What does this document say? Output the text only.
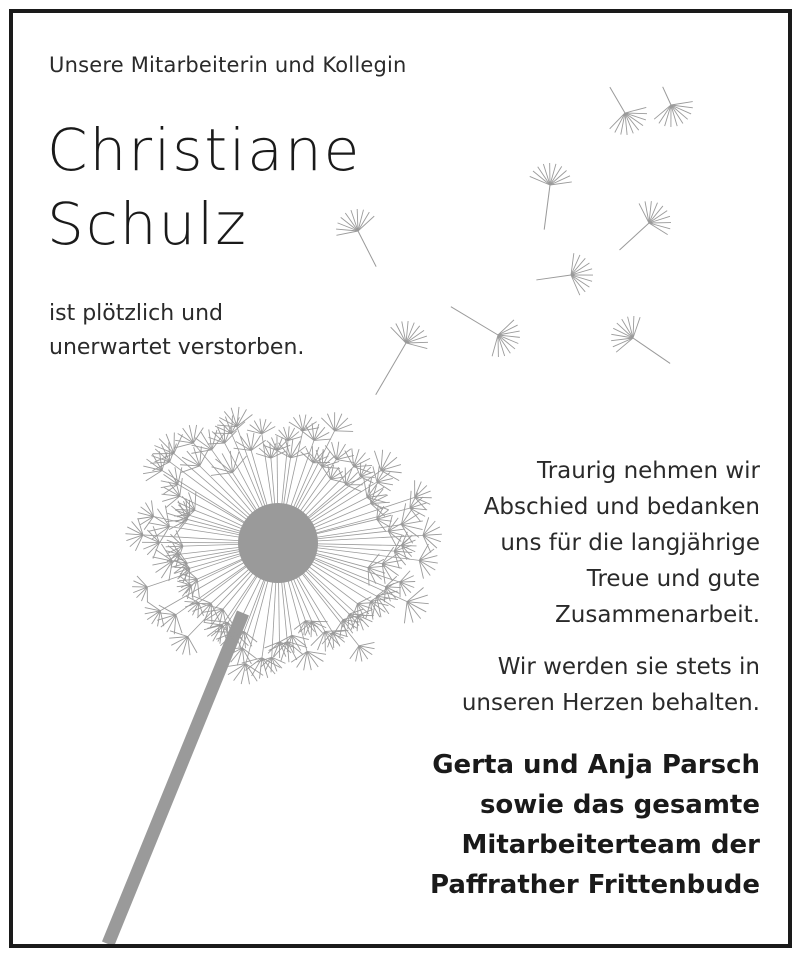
Unsere Mitarbeiterin und Kollegin
Christiane
Schulz
ist plötzlich und
unerwartet verstorben.
Traurig nehmen wir
Abschied und bedanken
uns für die langjährige
Treue und gute
Zusammenarbeit.
Wir werden sie stets in
unseren Herzen behalten.
Gerta und Anja Parsch
sowie das gesamte
Mitarbeiterteam der
Paffrather Frittenbude
